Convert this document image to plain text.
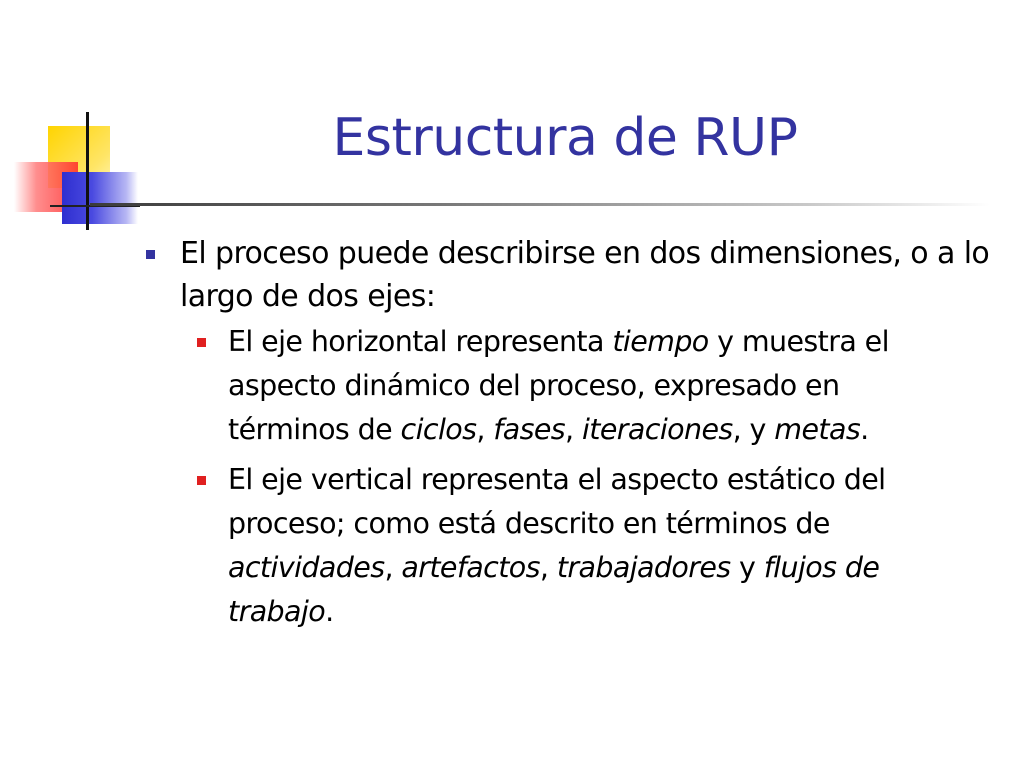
Estructura de RUP
El proceso puede describirse en dos dimensiones, o a lo largo de dos ejes:
El eje horizontal representa tiempo y muestra el aspecto dinámico del proceso, expresado en términos de ciclos, fases, iteraciones, y metas.
El eje vertical representa el aspecto estático del proceso; como está descrito en términos de actividades, artefactos, trabajadores y flujos de trabajo.
